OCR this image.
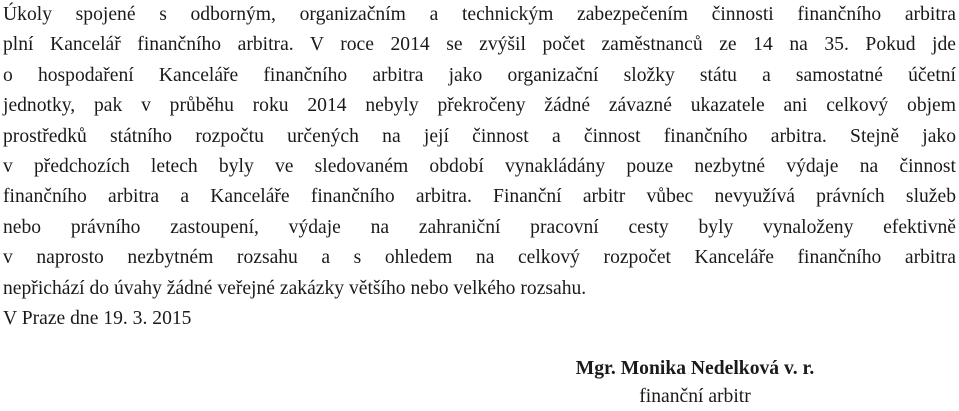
Úkoly spojené s odborným, organizačním a technickým zabezpečením činnosti finančního arbitra
plní Kancelář finančního arbitra. V roce 2014 se zvýšil počet zaměstnanců ze 14 na 35. Pokud jde
o hospodaření Kanceláře finančního arbitra jako organizační složky státu a samostatné účetní
jednotky, pak v průběhu roku 2014 nebyly překročeny žádné závazné ukazatele ani celkový objem
prostředků státního rozpočtu určených na její činnost a činnost finančního arbitra. Stejně jako
v předchozích letech byly ve sledovaném období vynakládány pouze nezbytné výdaje na činnost
finančního arbitra a Kanceláře finančního arbitra. Finanční arbitr vůbec nevyužívá právních služeb
nebo právního zastoupení, výdaje na zahraniční pracovní cesty byly vynaloženy efektivně
v naprosto nezbytném rozsahu a s ohledem na celkový rozpočet Kanceláře finančního arbitra
nepřichází do úvahy žádné veřejné zakázky většího nebo velkého rozsahu.

V Praze dne 19. 3. 2015

Mgr. Monika Nedelková v. r.
finanční arbitr
